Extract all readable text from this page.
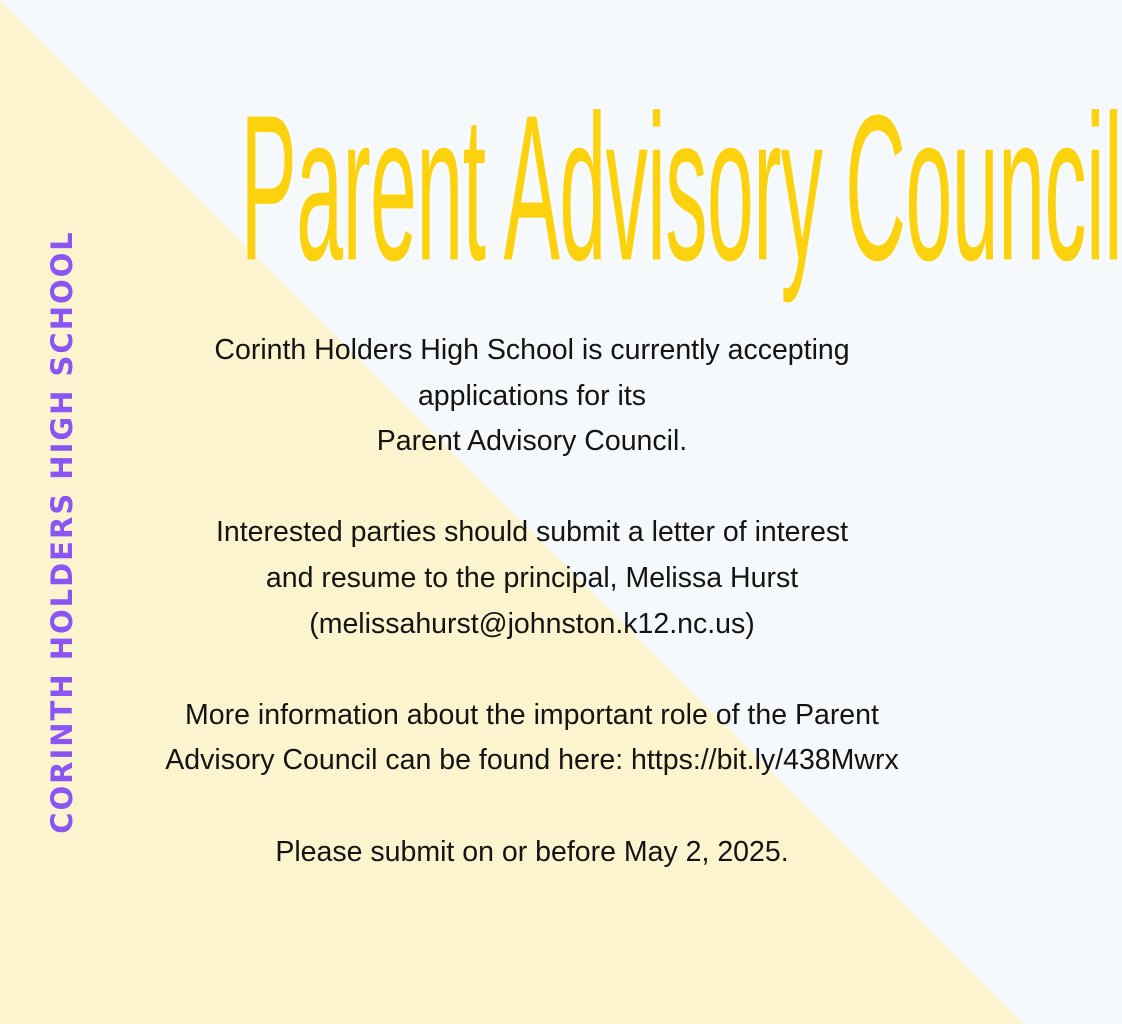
CORINTH HOLDERS HIGH SCHOOL
Parent Advisory Council

Corinth Holders High School is currently accepting
applications for its
Parent Advisory Council.

Interested parties should submit a letter of interest
and resume to the principal, Melissa Hurst
(melissahurst@johnston.k12.nc.us)

More information about the important role of the Parent
Advisory Council can be found here: https://bit.ly/438Mwrx

Please submit on or before May 2, 2025.
